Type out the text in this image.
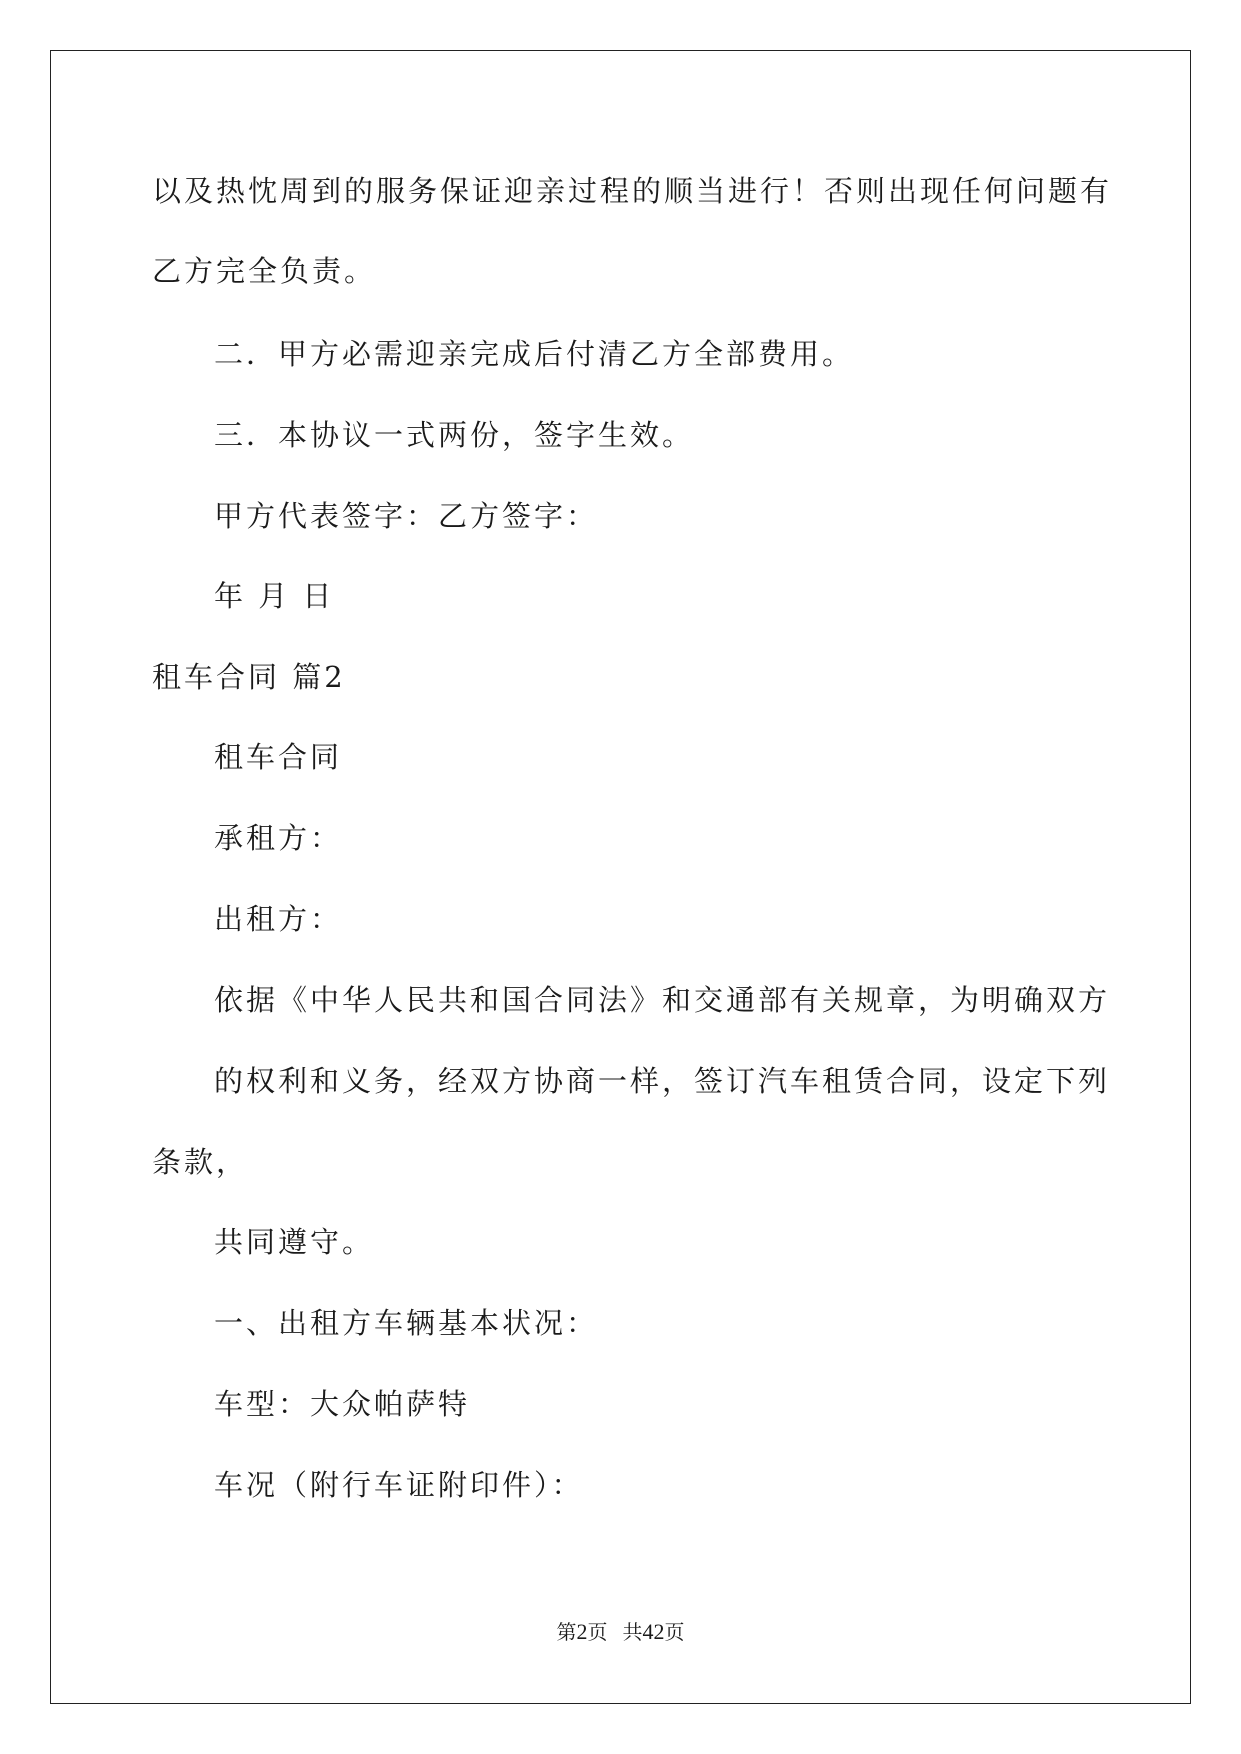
以及热忱周到的服务保证迎亲过程的顺当进行！否则出现任何问题有
乙方完全负责。
二．甲方必需迎亲完成后付清乙方全部费用。
三．本协议一式两份，签字生效。
甲方代表签字：乙方签字：
年 月 日
租车合同 篇2
租车合同
承租方：
出租方：
依据《中华人民共和国合同法》和交通部有关规章，为明确双方
的权利和义务，经双方协商一样，签订汽车租赁合同，设定下列
条款，
共同遵守。
一、出租方车辆基本状况：
车型：大众帕萨特
车况（附行车证附印件）：
第2页 共42页
